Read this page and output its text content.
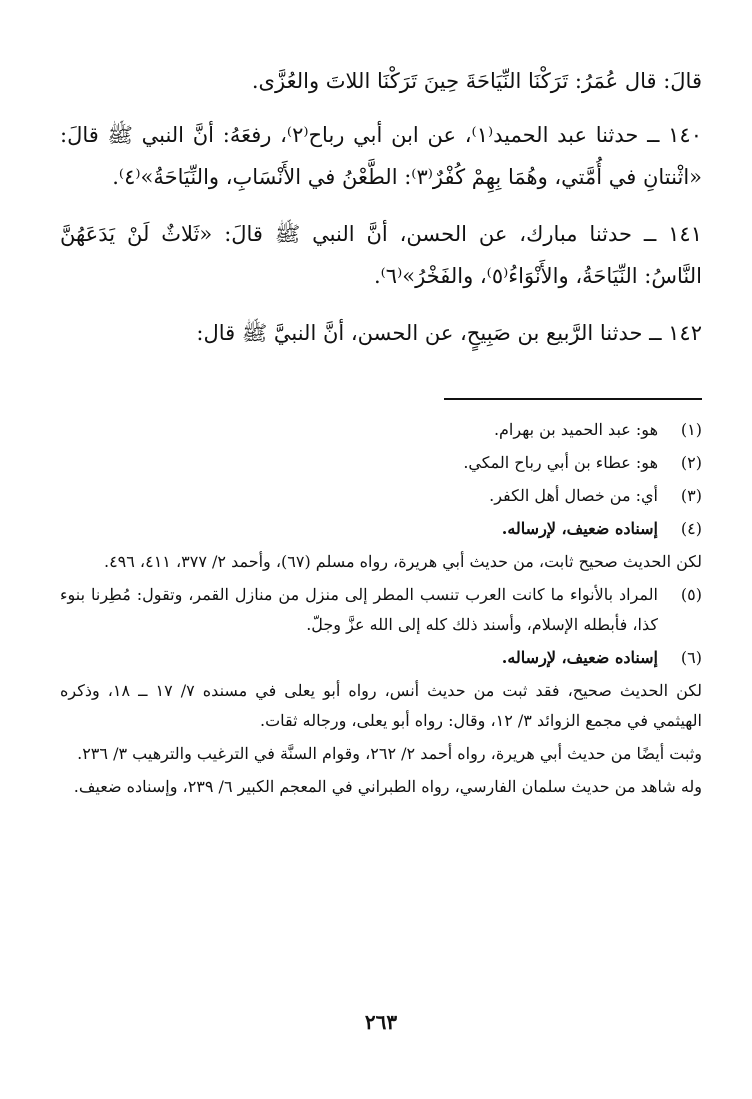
قالَ: قال عُمَرُ: تَرَكْنَا النِّيَاحَةَ حِينَ تَرَكْنَا اللاتَ والعُزَّى.

١٤٠ ــ حدثنا عبد الحميد⁽١⁾، عن ابن أبي رباح⁽٢⁾، رفعَهُ: أنَّ النبي ﷺ قالَ: «اثْنتانِ في أُمَّتي، وهُمَا بِهِمْ كُفْرٌ⁽٣⁾: الطَّعْنُ في الأَنْسَابِ، والنِّيَاحَةُ»⁽٤⁾.

١٤١ ــ حدثنا مبارك، عن الحسن، أنَّ النبي ﷺ قالَ: «ثَلاثٌ لَنْ يَدَعَهُنَّ النَّاسُ: النِّيَاحَةُ، والأَنْوَاءُ⁽٥⁾، والفَخْرُ»⁽٦⁾.

١٤٢ ــ حدثنا الرَّبيع بن صَبِيحٍ، عن الحسن، أنَّ النبيَّ ﷺ قال:

(١)
هو: عبد الحميد بن بهرام.
(٢)
هو: عطاء بن أبي رباح المكي.
(٣)
أي: من خصال أهل الكفر.
(٤)
إسناده ضعيف، لإرساله.
لكن الحديث صحيح ثابت، من حديث أبي هريرة، رواه مسلم (٦٧)، وأحمد ٢/ ٣٧٧، ٤١١، ٤٩٦.
(٥)
المراد بالأنواء ما كانت العرب تنسب المطر إلى منزل من منازل القمر، وتقول: مُطِرنا بنوء كذا، فأبطله الإسلام، وأسند ذلك كله إلى الله عزَّ وجلّ.
(٦)
إسناده ضعيف، لإرساله.
لكن الحديث صحيح، فقد ثبت من حديث أنس، رواه أبو يعلى في مسنده ٧/ ١٧ ــ ١٨، وذكره الهيثمي في مجمع الزوائد ٣/ ١٢، وقال: رواه أبو يعلى، ورجاله ثقات.
وثبت أيضًا من حديث أبي هريرة، رواه أحمد ٢/ ٢٦٢، وقوام السنَّة في الترغيب والترهيب ٣/ ٢٣٦.
وله شاهد من حديث سلمان الفارسي، رواه الطبراني في المعجم الكبير ٦/ ٢٣٩، وإسناده ضعيف.
٢٦٣
